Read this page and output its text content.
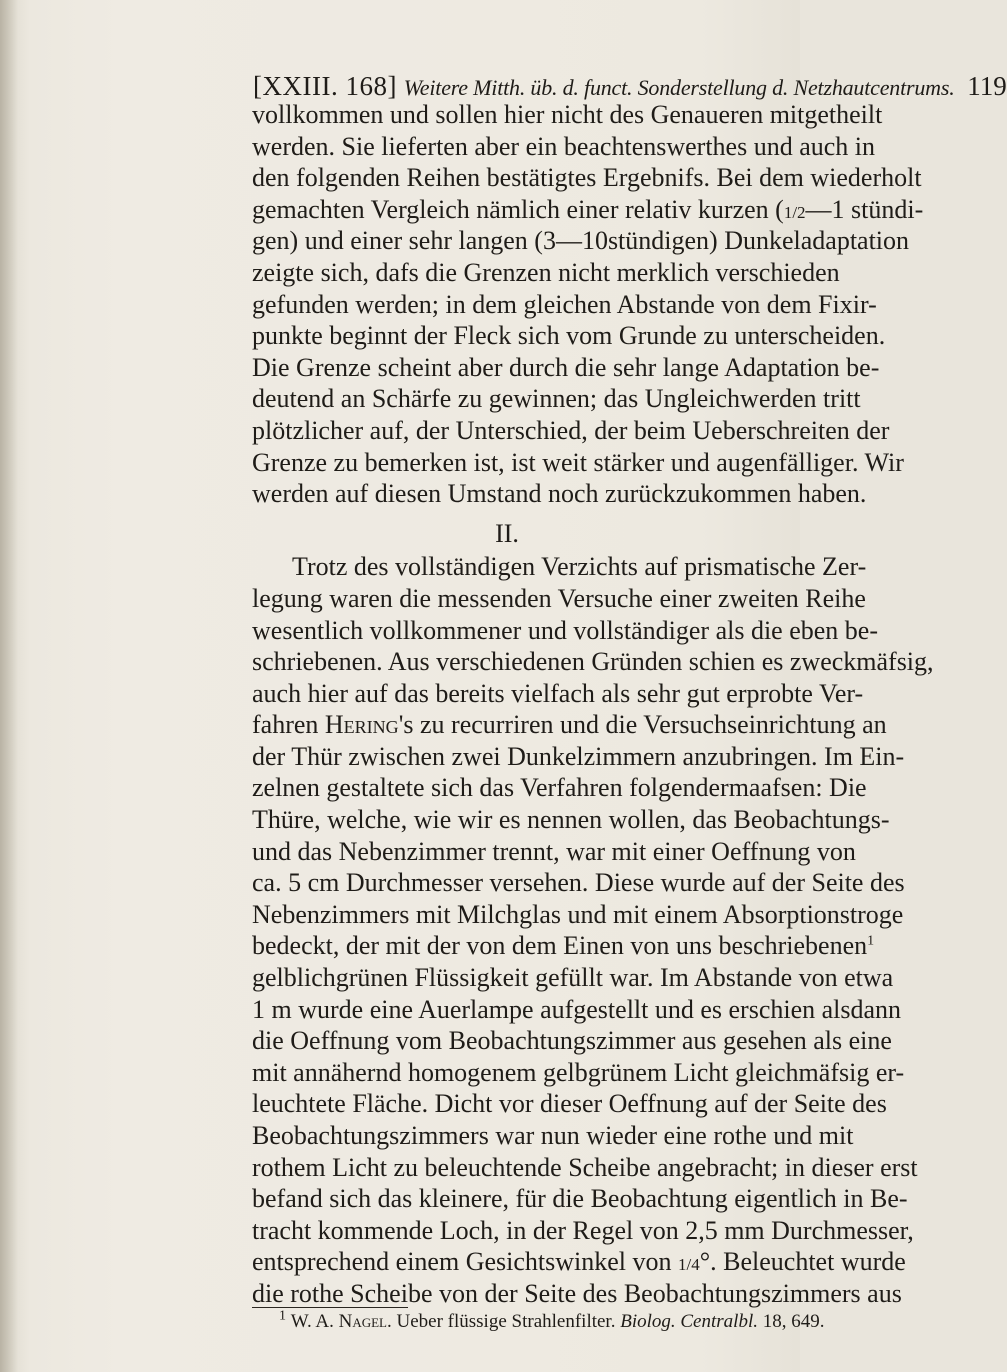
[XXIII. 168] Weitere Mitth. üb. d. funct. Sonderstellung d. Netzhautcentrums. 119
vollkommen und sollen hier nicht des Genaueren mitgetheilt
werden. Sie lieferten aber ein beachtenswerthes und auch in
den folgenden Reihen bestätigtes Ergebnifs. Bei dem wiederholt
gemachten Vergleich nämlich einer relativ kurzen (1/2—1 stündi-
gen) und einer sehr langen (3—10stündigen) Dunkeladaptation
zeigte sich, dafs die Grenzen nicht merklich verschieden
gefunden werden; in dem gleichen Abstande von dem Fixir-
punkte beginnt der Fleck sich vom Grunde zu unterscheiden.
Die Grenze scheint aber durch die sehr lange Adaptation be-
deutend an Schärfe zu gewinnen; das Ungleichwerden tritt
plötzlicher auf, der Unterschied, der beim Ueberschreiten der
Grenze zu bemerken ist, ist weit stärker und augenfälliger. Wir
werden auf diesen Umstand noch zurückzukommen haben.
II.
Trotz des vollständigen Verzichts auf prismatische Zer-
legung waren die messenden Versuche einer zweiten Reihe
wesentlich vollkommener und vollständiger als die eben be-
schriebenen. Aus verschiedenen Gründen schien es zweckmäfsig,
auch hier auf das bereits vielfach als sehr gut erprobte Ver-
fahren Hering's zu recurriren und die Versuchseinrichtung an
der Thür zwischen zwei Dunkelzimmern anzubringen. Im Ein-
zelnen gestaltete sich das Verfahren folgendermaafsen: Die
Thüre, welche, wie wir es nennen wollen, das Beobachtungs-
und das Nebenzimmer trennt, war mit einer Oeffnung von
ca. 5 cm Durchmesser versehen. Diese wurde auf der Seite des
Nebenzimmers mit Milchglas und mit einem Absorptionstroge
bedeckt, der mit der von dem Einen von uns beschriebenen$^1$
gelblichgrünen Flüssigkeit gefüllt war. Im Abstande von etwa
1 m wurde eine Auerlampe aufgestellt und es erschien alsdann
die Oeffnung vom Beobachtungszimmer aus gesehen als eine
mit annähernd homogenem gelbgrünem Licht gleichmäfsig er-
leuchtete Fläche. Dicht vor dieser Oeffnung auf der Seite des
Beobachtungszimmers war nun wieder eine rothe und mit
rothem Licht zu beleuchtende Scheibe angebracht; in dieser erst
befand sich das kleinere, für die Beobachtung eigentlich in Be-
tracht kommende Loch, in der Regel von 2,5 mm Durchmesser,
entsprechend einem Gesichtswinkel von 1/4°. Beleuchtet wurde
die rothe Scheibe von der Seite des Beobachtungszimmers aus
$^1$ W. A. Nagel. Ueber flüssige Strahlenfilter. Biolog. Centralbl. 18, 649.
